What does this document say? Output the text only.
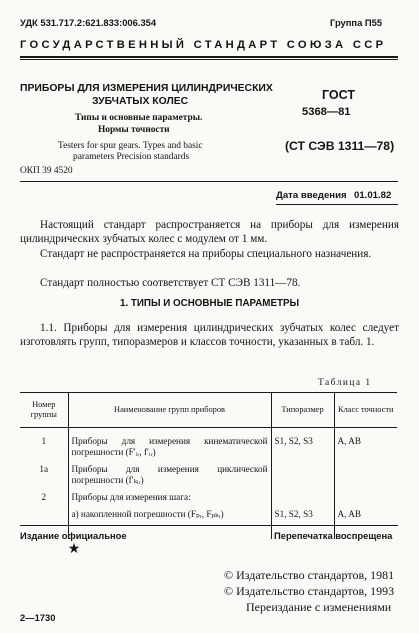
УДК 531.717.2:621.833:006.354	Группа П55
ГОСУДАРСТВЕННЫЙ СТАНДАРТ СОЮЗА ССР
ПРИБОРЫ ДЛЯ ИЗМЕРЕНИЯ ЦИЛИНДРИЧЕСКИХ
ЗУБЧАТЫХ КОЛЕС
Типы и основные параметры.
Нормы точности
Testers for spur gears. Types and basic
parameters Precision standards
ОКП 39 4520
ГОСТ
5368—81
(СТ СЭВ 1311—78)
Дата введения 01.01.82
Настоящий стандарт распространяется на приборы для измерения цилиндрических зубчатых колес с модулем от 1 мм.
Стандарт не распространяется на приборы специального назначения.
Стандарт полностью соответствует СТ СЭВ 1311—78.
1. ТИПЫ И ОСНОВНЫЕ ПАРАМЕТРЫ
1.1. Приборы для измерения цилиндрических зубчатых колес следует изготовлять групп, типоразмеров и классов точности, указанных в табл. 1.
Таблица 1
Номер группы	Наименование групп приборов	Типоразмер	Класс точности
1	Приборы для измерения кинематической погрешности (F′ᵢᵣ, f′ᵢᵣ)	S1, S2, S3	A, AB
1а	Приборы для измерения циклической погрешности (f′ₖᵢᵣ)		
2	Приборы для измерения шага:		
	а) накопленной погрешности (Fₚᵣ, Fₚₖᵣ)	S1, S2, S3	A, AB
Издание официальное	Перепечатка воспрещена
★
© Издательство стандартов, 1981
© Издательство стандартов, 1993
Переиздание с изменениями
2—1730
